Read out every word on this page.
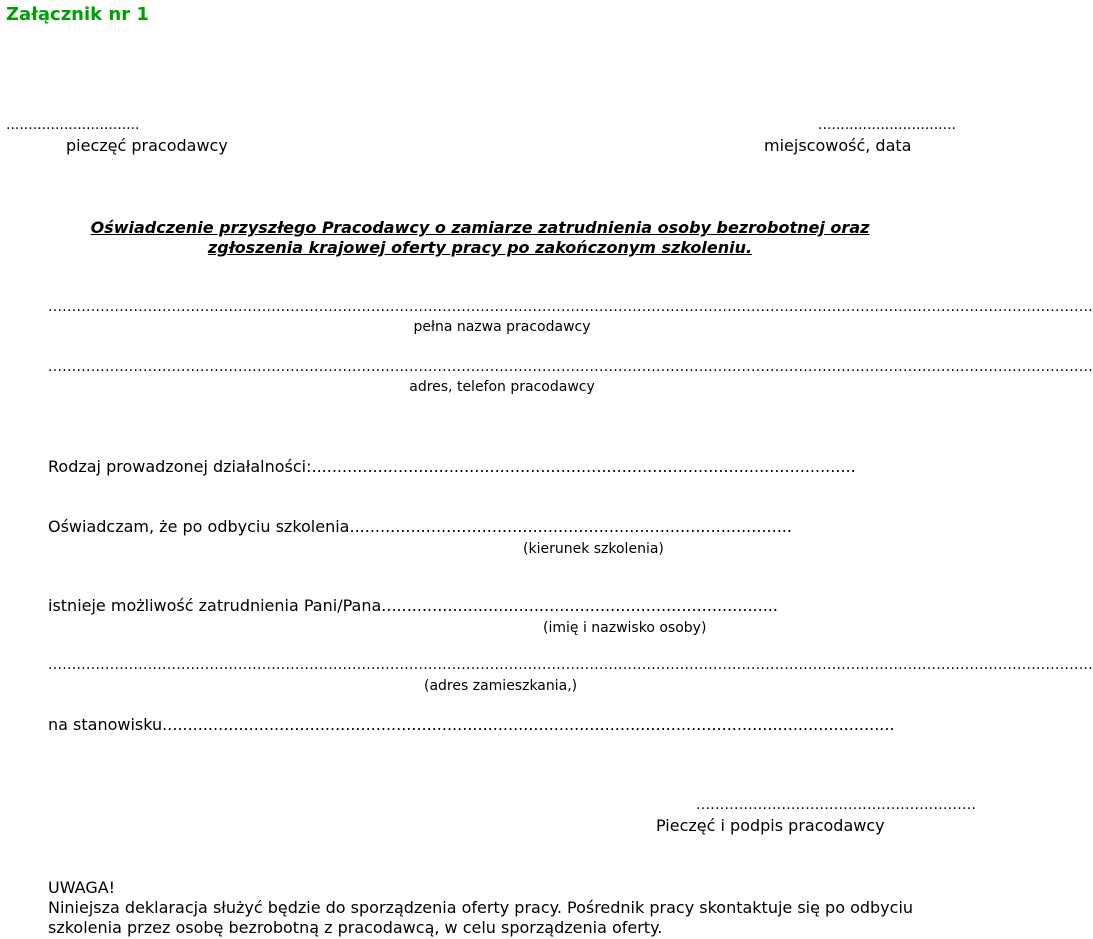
Załącznik nr 1
..............................
pieczęć pracodawcy
...............................
miejscowość, data
Oświadczenie przyszłego Pracodawcy o zamiarze zatrudnienia osoby bezrobotnej oraz
zgłoszenia krajowej oferty pracy po zakończonym szkoleniu.
............................................................................................................................................................................................................................
pełna nazwa pracodawcy
............................................................................................................................................................................................................................
adres, telefon pracodawcy
Rodzaj prowadzonej działalności:...........................................................................................................
Oświadczam, że po odbyciu szkolenia.......................................................................................
(kierunek szkolenia)
istnieje możliwość zatrudnienia Pani/Pana..............................................................................
(imię i nazwisko osoby)
............................................................................................................................................................................................................................
(adres zamieszkania,)
na stanowisku................................................................................................................................................
...........................................................
Pieczęć i podpis pracodawcy
UWAGA!
Niniejsza deklaracja służyć będzie do sporządzenia oferty pracy. Pośrednik pracy skontaktuje się po odbyciu
szkolenia przez osobę bezrobotną z pracodawcą, w celu sporządzenia oferty.
